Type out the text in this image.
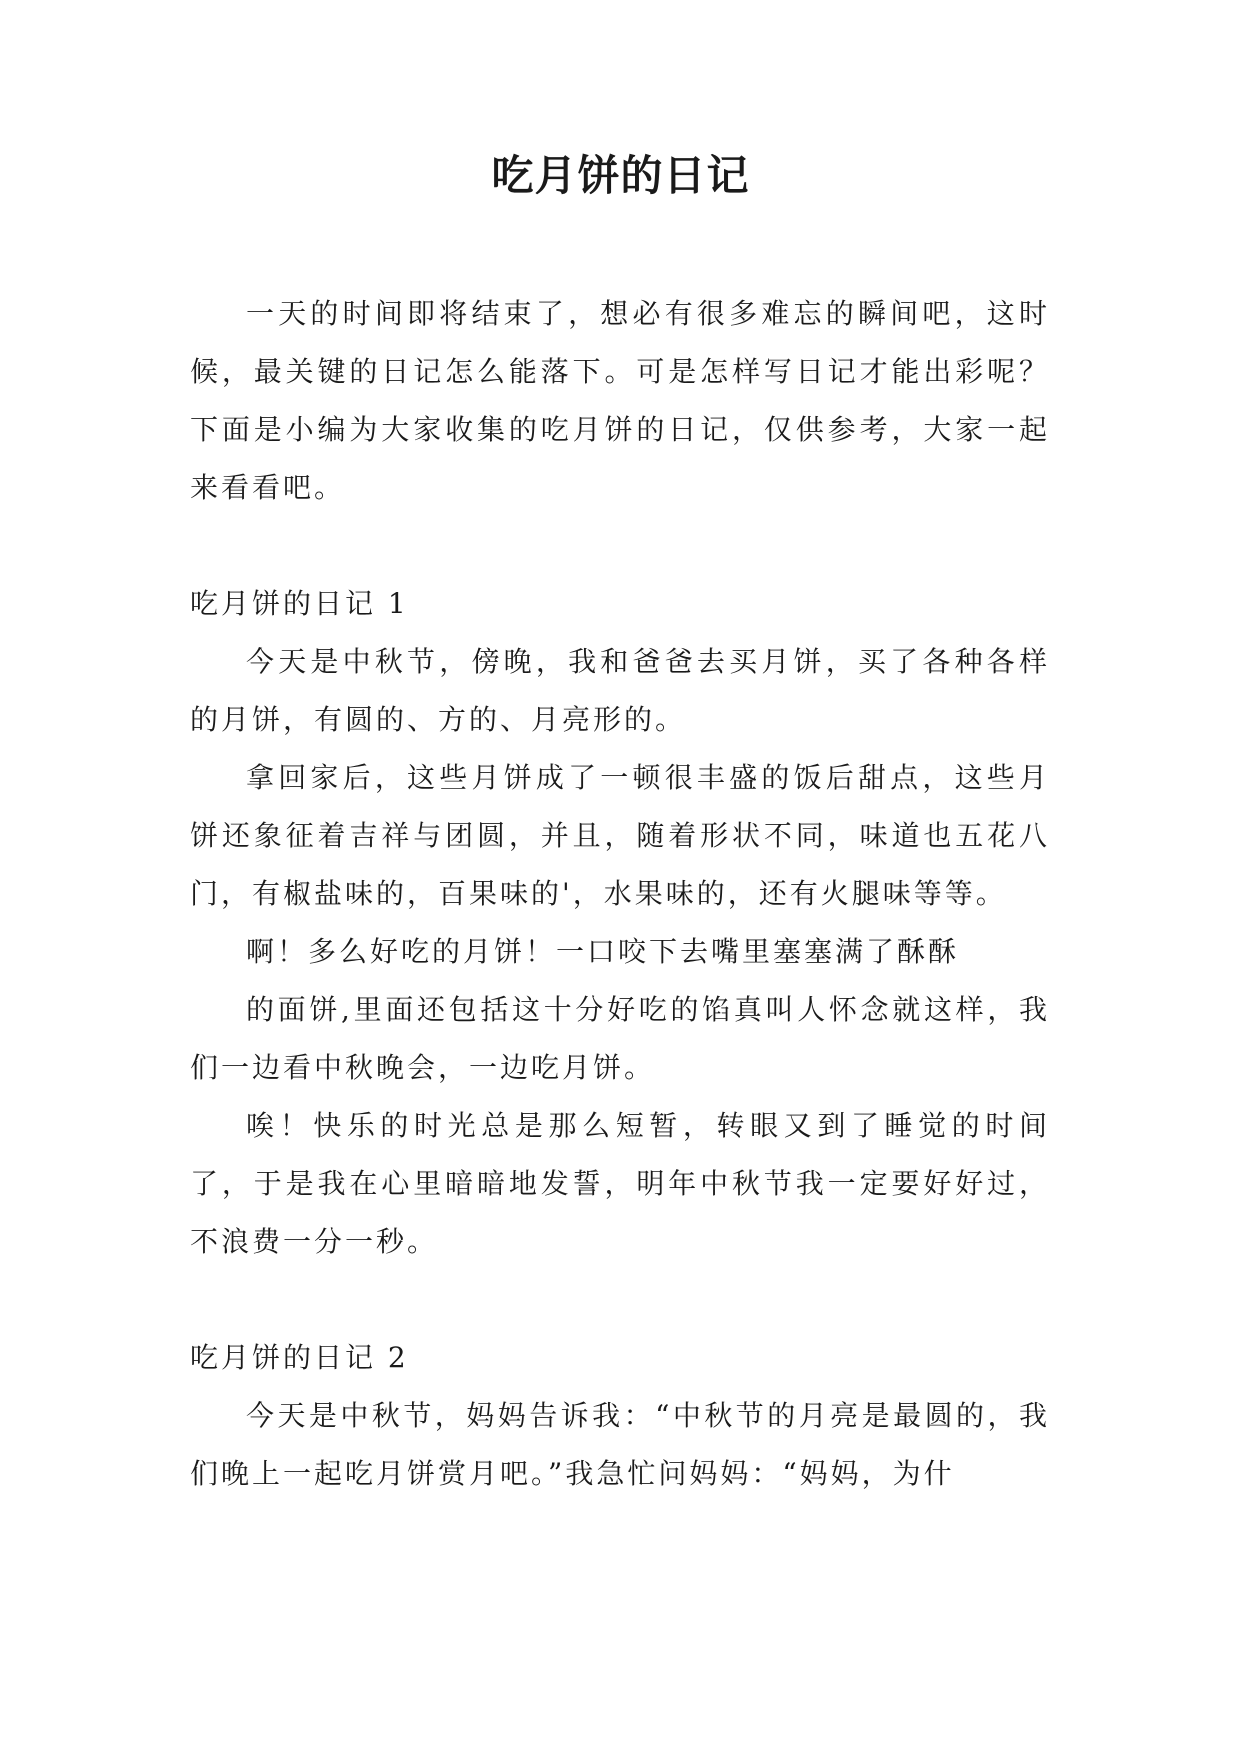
吃月饼的日记

一天的时间即将结束了，想必有很多难忘的瞬间吧，这时候，最关键的日记怎么能落下。可是怎样写日记才能出彩呢？下面是小编为大家收集的吃月饼的日记，仅供参考，大家一起来看看吧。

吃月饼的日记 1

今天是中秋节，傍晚，我和爸爸去买月饼，买了各种各样的月饼，有圆的、方的、月亮形的。

拿回家后，这些月饼成了一顿很丰盛的饭后甜点，这些月饼还象征着吉祥与团圆，并且，随着形状不同，味道也五花八门，有椒盐味的，百果味的'，水果味的，还有火腿味等等。

啊！多么好吃的月饼！一口咬下去嘴里塞塞满了酥酥

的面饼,里面还包括这十分好吃的馅真叫人怀念就这样，我们一边看中秋晚会，一边吃月饼。

唉！快乐的时光总是那么短暂，转眼又到了睡觉的时间了，于是我在心里暗暗地发誓，明年中秋节我一定要好好过，不浪费一分一秒。

吃月饼的日记 2

今天是中秋节，妈妈告诉我：“中秋节的月亮是最圆的，我们晚上一起吃月饼赏月吧。”我急忙问妈妈：“妈妈，为什
